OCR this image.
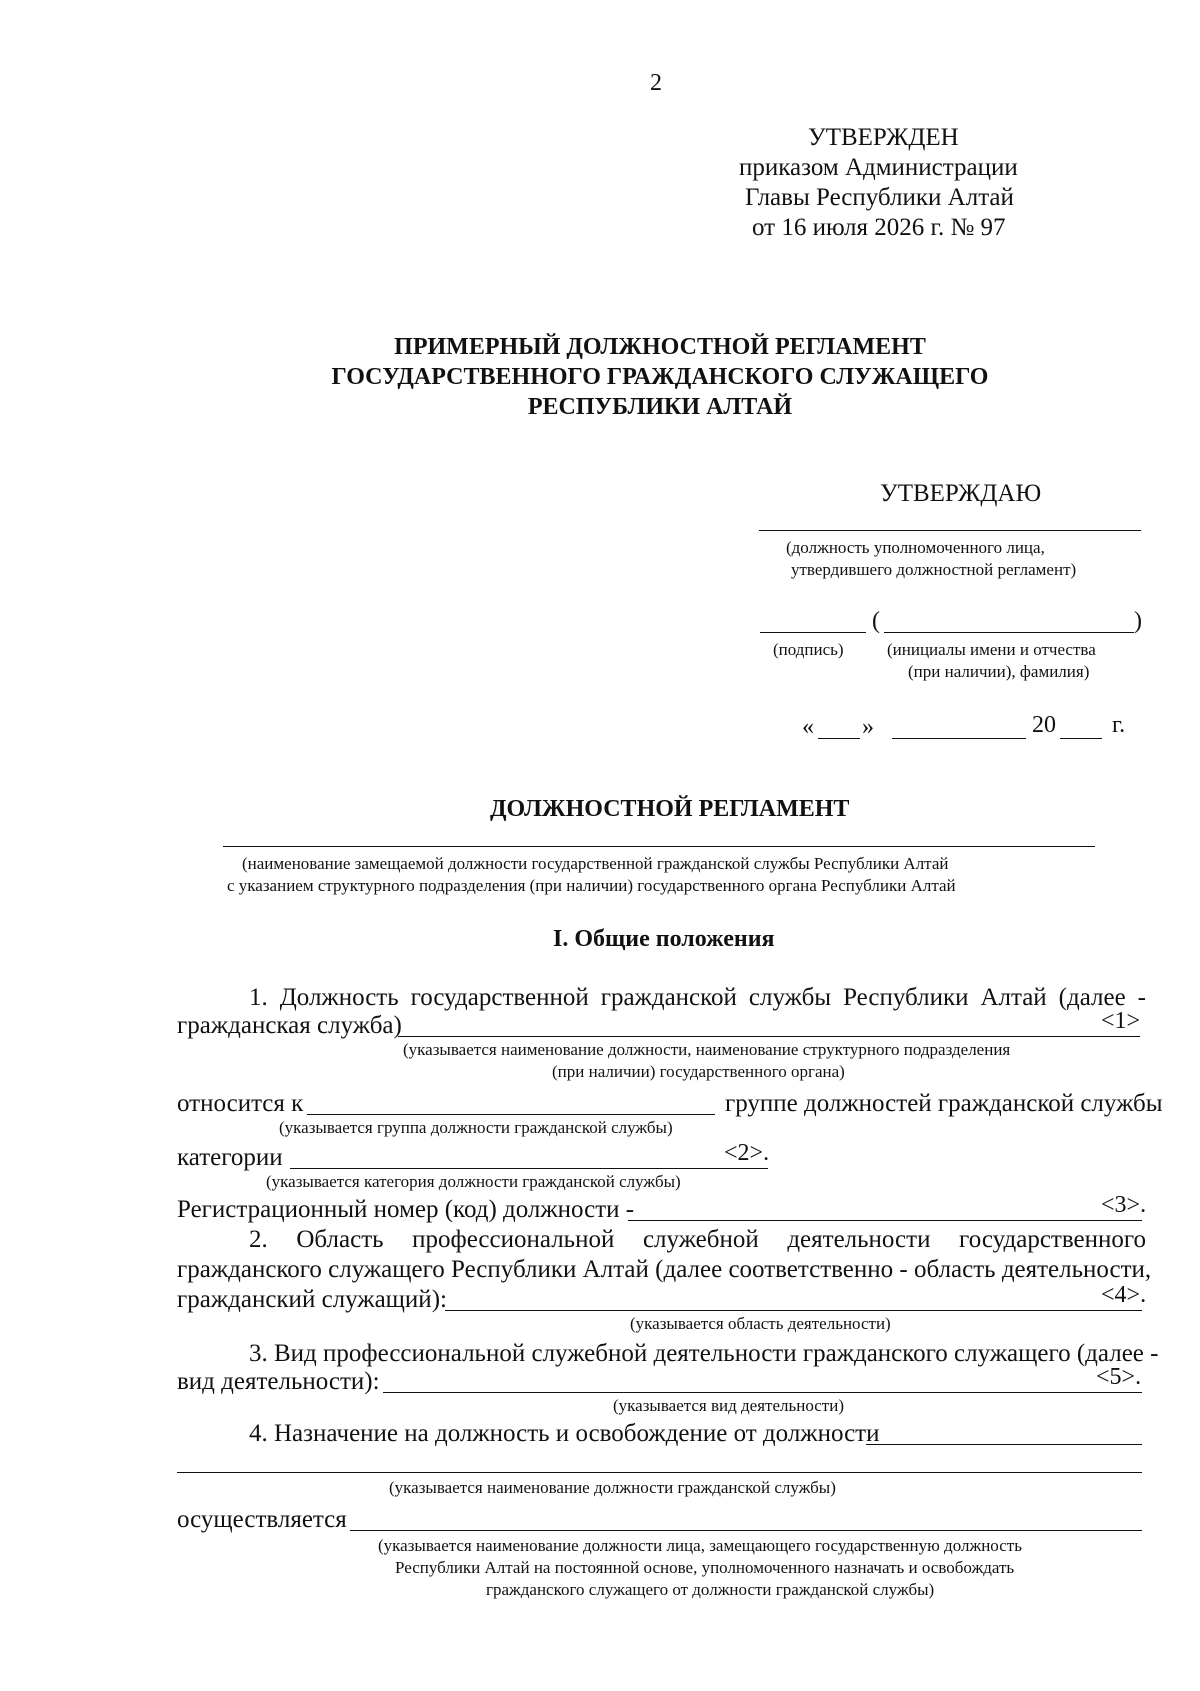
2
УТВЕРЖДЕН
приказом Администрации
Главы Республики Алтай
от 16 июля 2026 г. № 97
ПРИМЕРНЫЙ ДОЛЖНОСТНОЙ РЕГЛАМЕНТ
ГОСУДАРСТВЕННОГО ГРАЖДАНСКОГО СЛУЖАЩЕГО
РЕСПУБЛИКИ АЛТАЙ
УТВЕРЖДАЮ
(должность уполномоченного лица,
утвердившего должностной регламент)
(	)
(подпись)	(инициалы имени и отчества
(при наличии), фамилия)
« »	20 г.
ДОЛЖНОСТНОЙ РЕГЛАМЕНТ
(наименование замещаемой должности государственной гражданской службы Республики Алтай
с указанием структурного подразделения (при наличии) государственного органа Республики Алтай
I. Общие положения
1. Должность государственной гражданской службы Республики Алтай (далее -
гражданская служба)	<1>
(указывается наименование должности, наименование структурного подразделения
(при наличии) государственного органа)
относится к	группе должностей гражданской службы
(указывается группа должности гражданской службы)
категории	<2>.
(указывается категория должности гражданской службы)
Регистрационный номер (код) должности -	<3>.
2. Область профессиональной служебной деятельности государственного
гражданского служащего Республики Алтай (далее соответственно - область деятельности,
гражданский служащий):	<4>.
(указывается область деятельности)
3. Вид профессиональной служебной деятельности гражданского служащего (далее -
вид деятельности):	<5>.
(указывается вид деятельности)
4. Назначение на должность и освобождение от должности
(указывается наименование должности гражданской службы)
осуществляется
(указывается наименование должности лица, замещающего государственную должность
Республики Алтай на постоянной основе, уполномоченного назначать и освобождать
гражданского служащего от должности гражданской службы)
